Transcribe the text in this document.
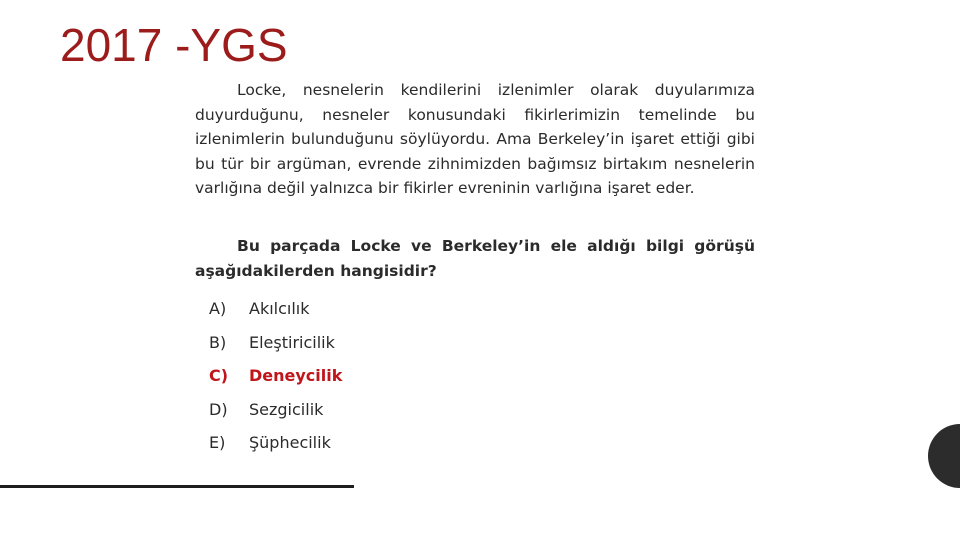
2017 -YGS

Locke, nesnelerin kendilerini izlenimler olarak duyularımıza duyurduğunu, nesneler konusundaki fikirlerimizin temelinde bu izlenimlerin bulunduğunu söylüyordu. Ama Berkeley’in işaret ettiği gibi bu tür bir argüman, evrende zihnimizden bağımsız birtakım nesnelerin varlığına değil yalnızca bir fikirler evreninin varlığına işaret eder.

Bu parçada Locke ve Berkeley’in ele aldığı bilgi görüşü aşağıdakilerden hangisidir?

A)	Akılcılık
B)	Eleştiricilik
C)	Deneycilik
D)	Sezgicilik
E)	Şüphecilik
